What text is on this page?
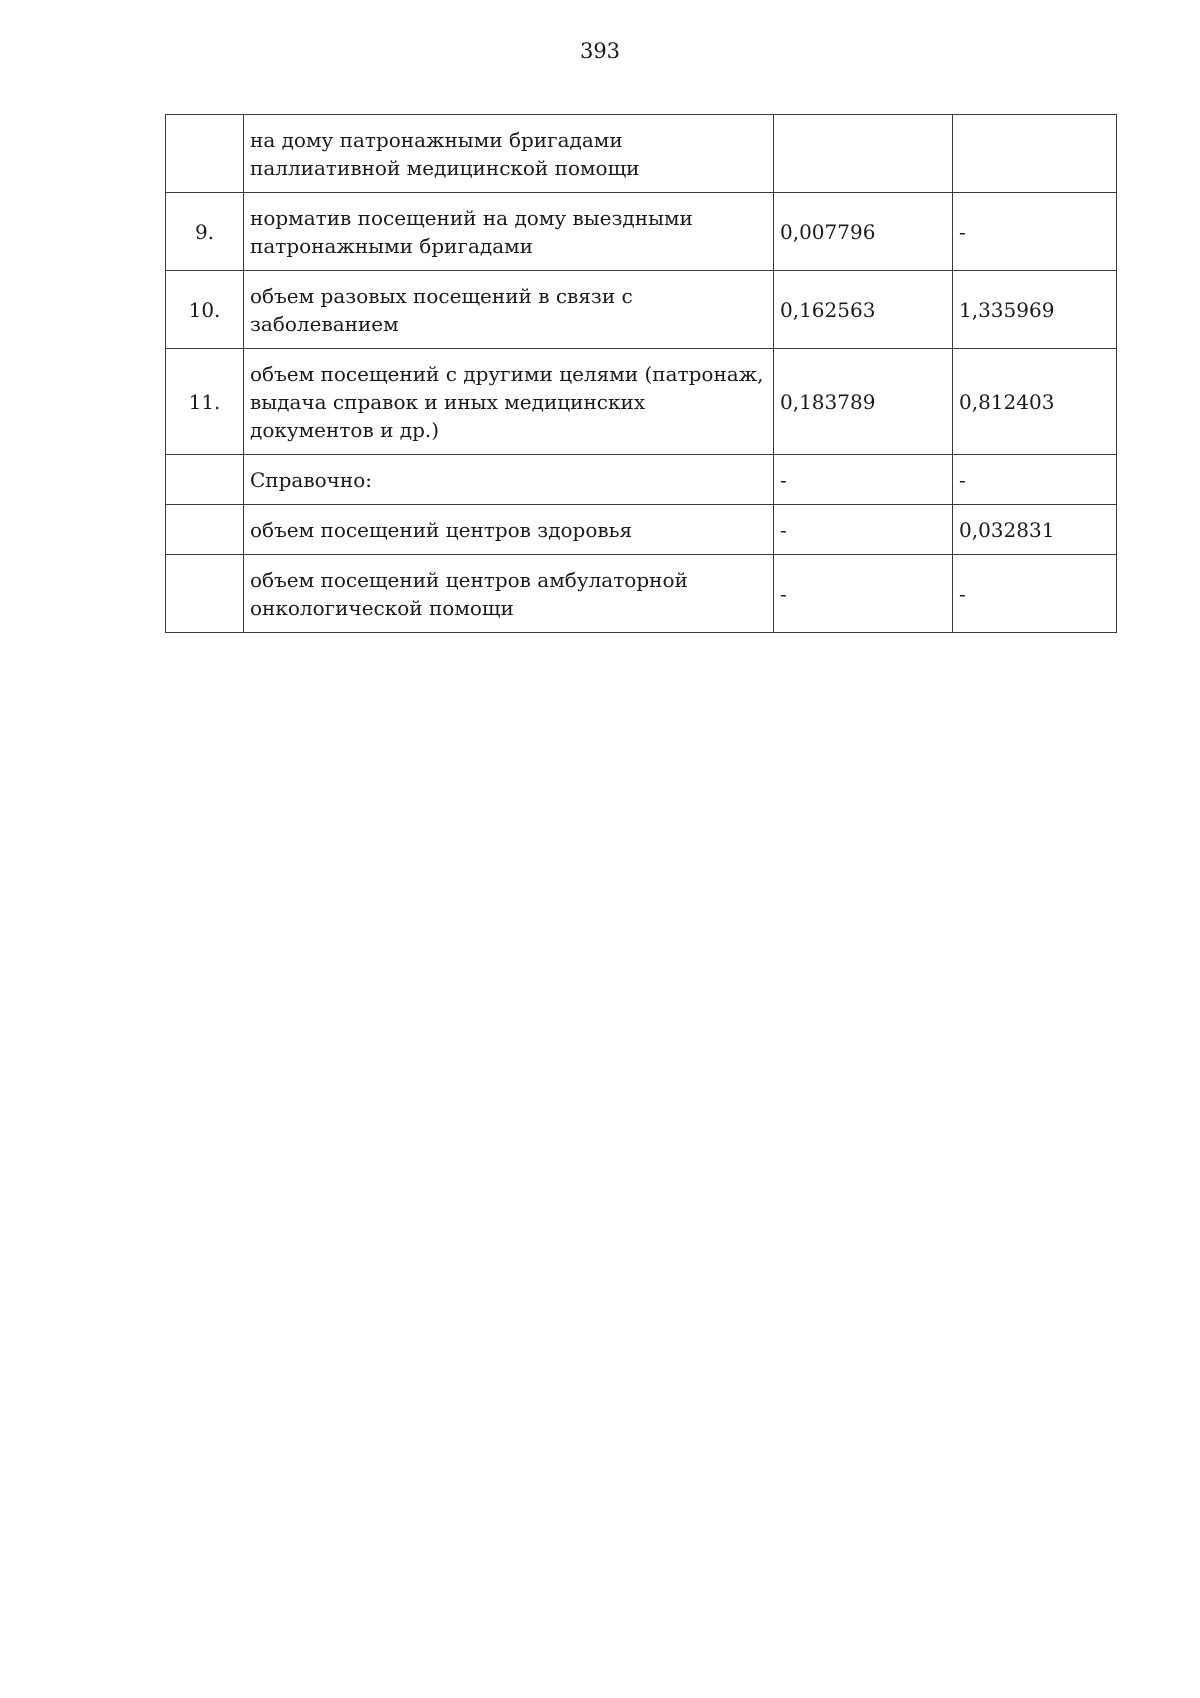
393
	на дому патронажными бригадами паллиативной медицинской помощи		
9.	норматив посещений на дому выездными патронажными бригадами	0,007796	-
10.	объем разовых посещений в связи с заболеванием	0,162563	1,335969
11.	объем посещений с другими целями (патронаж, выдача справок и иных медицинских документов и др.)	0,183789	0,812403
	Справочно:	-	-
	объем посещений центров здоровья	-	0,032831
	объем посещений центров амбулаторной онкологической помощи	-	-
